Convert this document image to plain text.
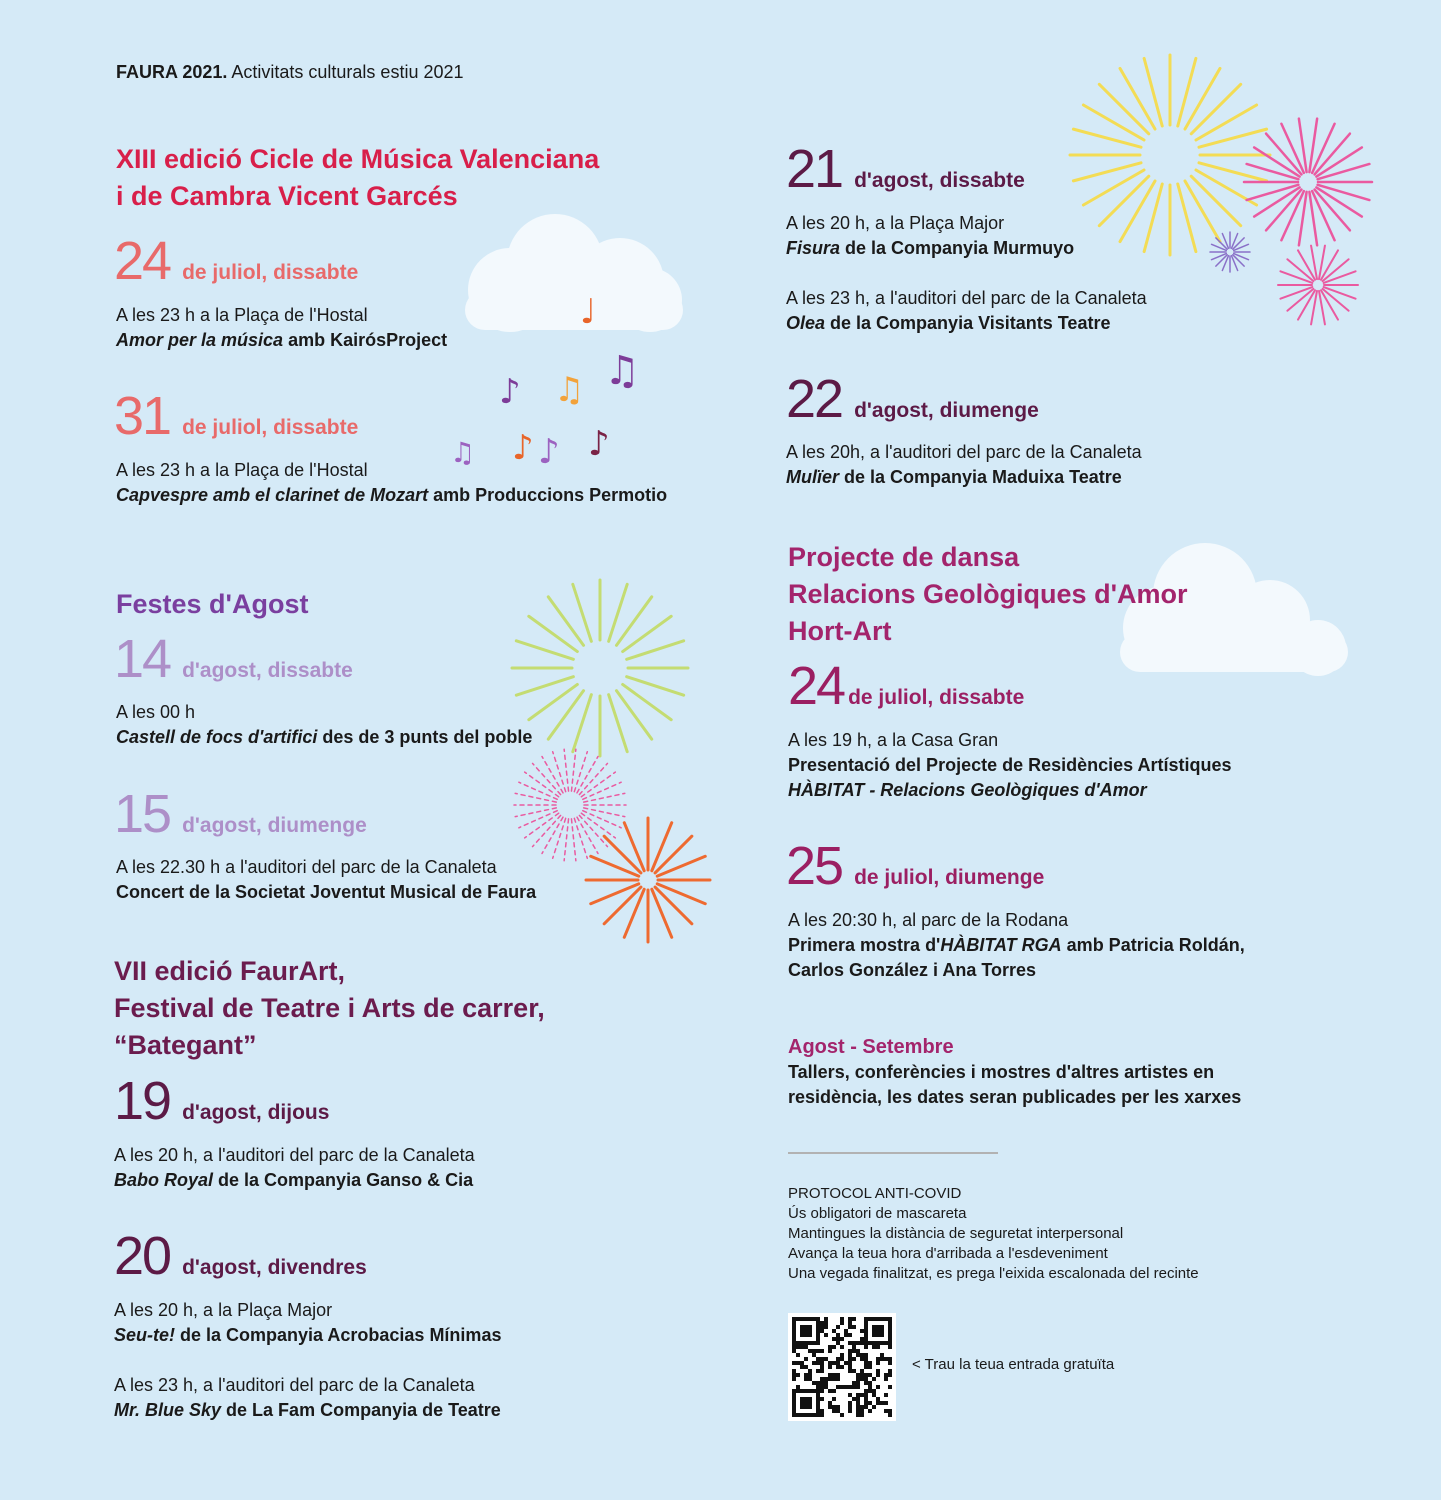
♩
♫
♫
♪
♫ ♪ ♪ ♪
FAURA 2021. Activitats culturals estiu 2021

XIII edició Cicle de Música Valenciana

i de Cambra Vicent Garcés

24 de juliol, dissabte
A les 23 h a la Plaça de l'Hostal
Amor per la música amb KairósProject
31 de juliol, dissabte
A les 23 h a la Plaça de l'Hostal
Capvespre amb el clarinet de Mozart amb Produccions Permotio

Festes d'Agost

14 d'agost, dissabte
A les 00 h
Castell de focs d'artifici des de 3 punts del poble
15 d'agost, diumenge
A les 22.30 h a l'auditori del parc de la Canaleta
Concert de la Societat Joventut Musical de Faura

VII edició FaurArt,

Festival de Teatre i Arts de carrer,

“Bategant”

19 d'agost, dijous
A les 20 h, a l'auditori del parc de la Canaleta
Babo Royal de la Companyia Ganso & Cia
20 d'agost, divendres
A les 20 h, a la Plaça Major
Seu-te! de la Companyia Acrobacias Mínimas
A les 23 h, a l'auditori del parc de la Canaleta
Mr. Blue Sky de La Fam Companyia de Teatre
21 d'agost, dissabte
A les 20 h, a la Plaça Major
Fisura de la Companyia Murmuyo
A les 23 h, a l'auditori del parc de la Canaleta
Olea de la Companyia Visitants Teatre
22 d'agost, diumenge
A les 20h, a l'auditori del parc de la Canaleta
Mulïer de la Companyia Maduixa Teatre

Projecte de dansa

Relacions Geològiques d'Amor

Hort-Art

24 de juliol, dissabte
A les 19 h, a la Casa Gran
Presentació del Projecte de Residències Artístiques
HÀBITAT - Relacions Geològiques d'Amor
25 de juliol, diumenge
A les 20:30 h, al parc de la Rodana
Primera mostra d'HÀBITAT RGA amb Patricia Roldán,
Carlos González i Ana Torres
Agost - Setembre
Tallers, conferències i mostres d'altres artistes en
residència, les dates seran publicades per les xarxes
PROTOCOL ANTI-COVID
Ús obligatori de mascareta
Mantingues la distància de seguretat interpersonal
Avança la teua hora d'arribada a l'esdeveniment
Una vegada finalitzat, es prega l'eixida escalonada del recinte
< Trau la teua entrada gratuïta
